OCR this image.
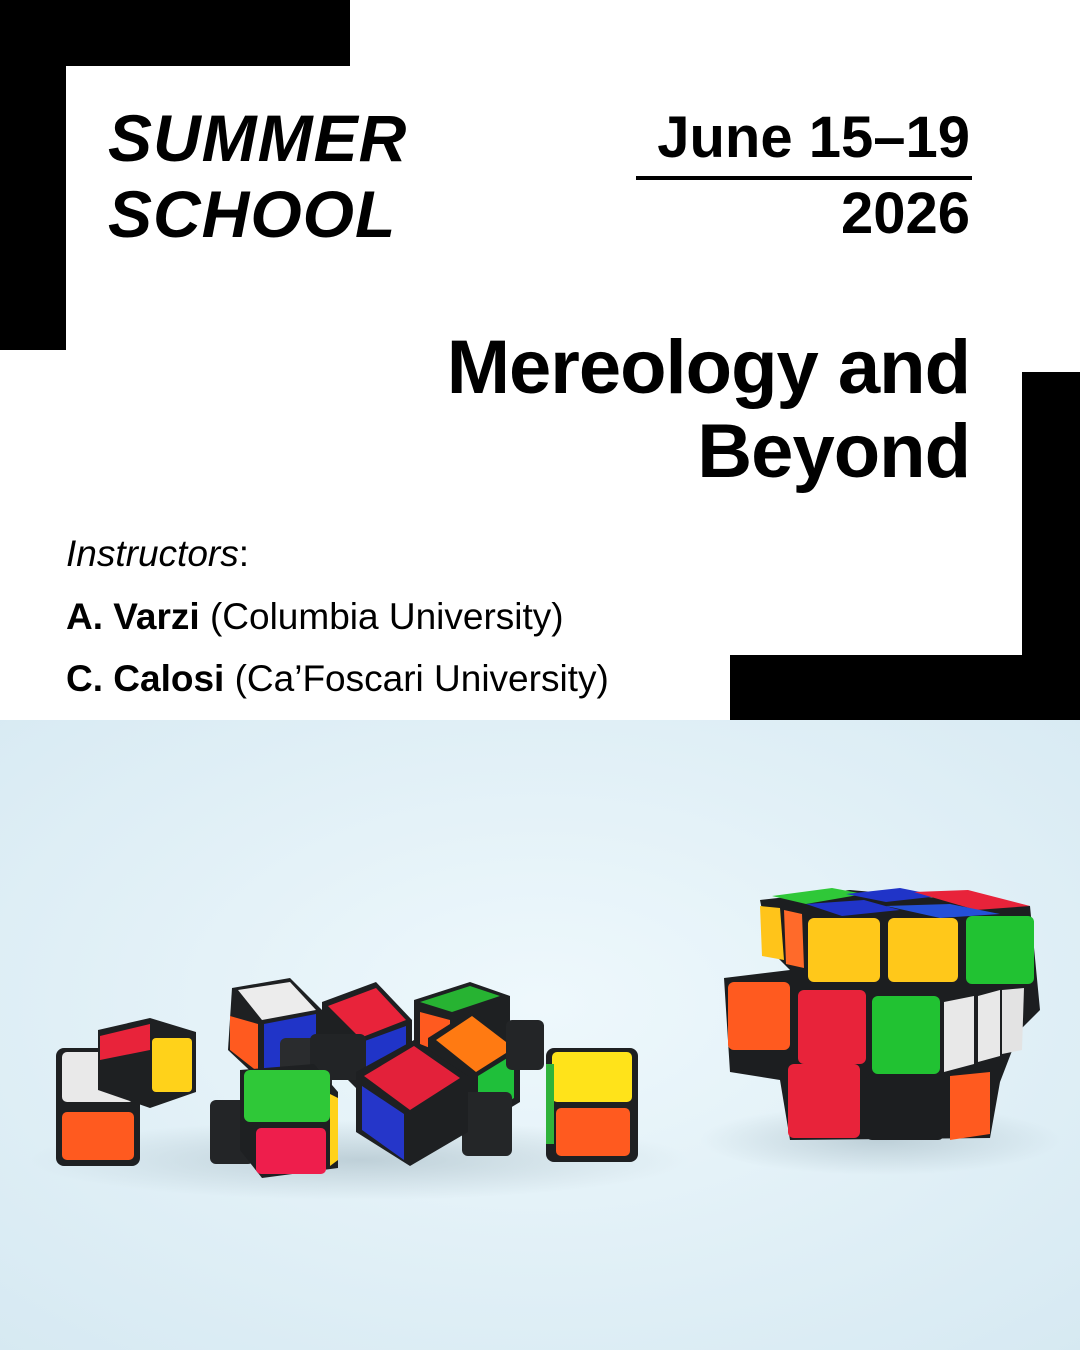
SUMMER
SCHOOL
June 15–19
2026
Mereology and
Beyond
Instructors:
A. Varzi (Columbia University)
C. Calosi (Ca’Foscari University)
